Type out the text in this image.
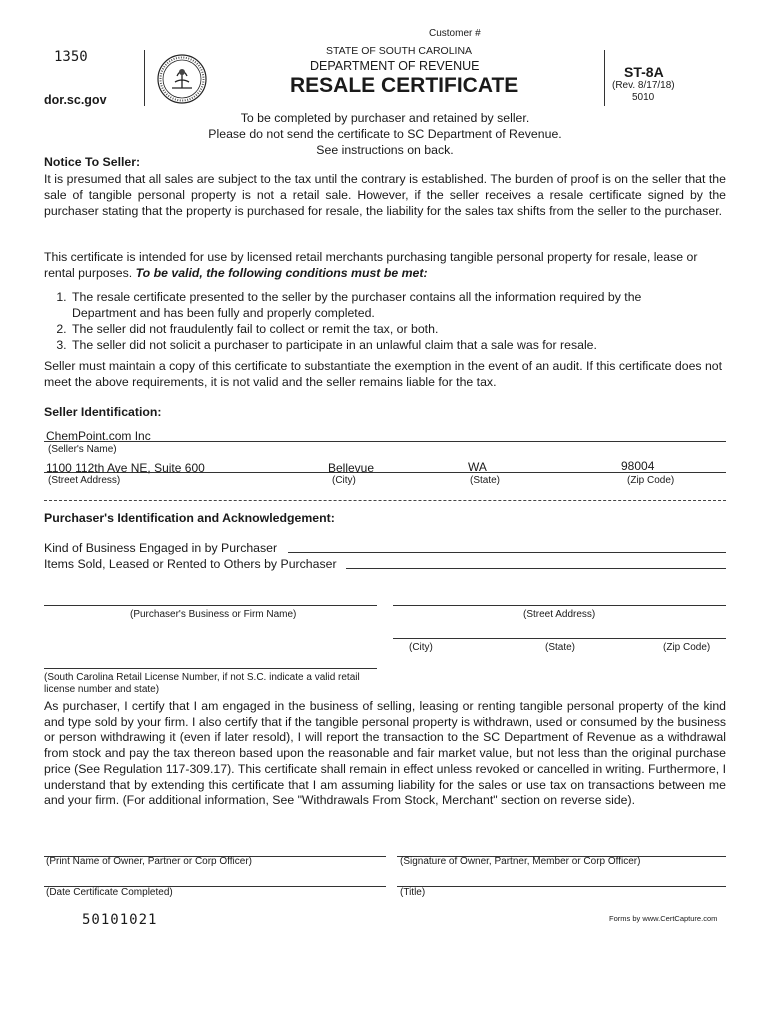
Customer #
1350
dor.sc.gov
STATE OF SOUTH CAROLINA
DEPARTMENT OF REVENUE
RESALE CERTIFICATE
ST-8A
(Rev. 8/17/18)
5010
To be completed by purchaser and retained by seller.
Please do not send the certificate to SC Department of Revenue.
See instructions on back.
Notice To Seller:
It is presumed that all sales are subject to the tax until the contrary is established. The burden of proof is on the seller that the sale of tangible personal property is not a retail sale. However, if the seller receives a resale certificate signed by the purchaser stating that the property is purchased for resale, the liability for the sales tax shifts from the seller to the purchaser.
This certificate is intended for use by licensed retail merchants purchasing tangible personal property for resale, lease or rental purposes. To be valid, the following conditions must be met:
1. The resale certificate presented to the seller by the purchaser contains all the information required by the Department and has been fully and properly completed.
2. The seller did not fraudulently fail to collect or remit the tax, or both.
3. The seller did not solicit a purchaser to participate in an unlawful claim that a sale was for resale.
Seller must maintain a copy of this certificate to substantiate the exemption in the event of an audit. If this certificate does not meet the above requirements, it is not valid and the seller remains liable for the tax.
Seller Identification:
ChemPoint.com Inc
(Seller's Name)
1100 112th Ave NE, Suite 600	Bellevue	WA	98004
(Street Address)	(City)	(State)	(Zip Code)
Purchaser's Identification and Acknowledgement:
Kind of Business Engaged in by Purchaser
Items Sold, Leased or Rented to Others by Purchaser
(Purchaser's Business or Firm Name)	(Street Address)
(City)	(State)	(Zip Code)
(South Carolina Retail License Number, if not S.C. indicate a valid retail
license number and state)
As purchaser, I certify that I am engaged in the business of selling, leasing or renting tangible personal property of the kind and type sold by your firm. I also certify that if the tangible personal property is withdrawn, used or consumed by the business or person withdrawing it (even if later resold), I will report the transaction to the SC Department of Revenue as a withdrawal from stock and pay the tax thereon based upon the reasonable and fair market value, but not less than the original purchase price (See Regulation 117-309.17). This certificate shall remain in effect unless revoked or cancelled in writing. Furthermore, I understand that by extending this certificate that I am assuming liability for the sales or use tax on transactions between me and your firm. (For additional information, See "Withdrawals From Stock, Merchant" section on reverse side).
(Print Name of Owner, Partner or Corp Officer)	(Signature of Owner, Partner, Member or Corp Officer)
(Date Certificate Completed)	(Title)
50101021	Forms by www.CertCapture.com
